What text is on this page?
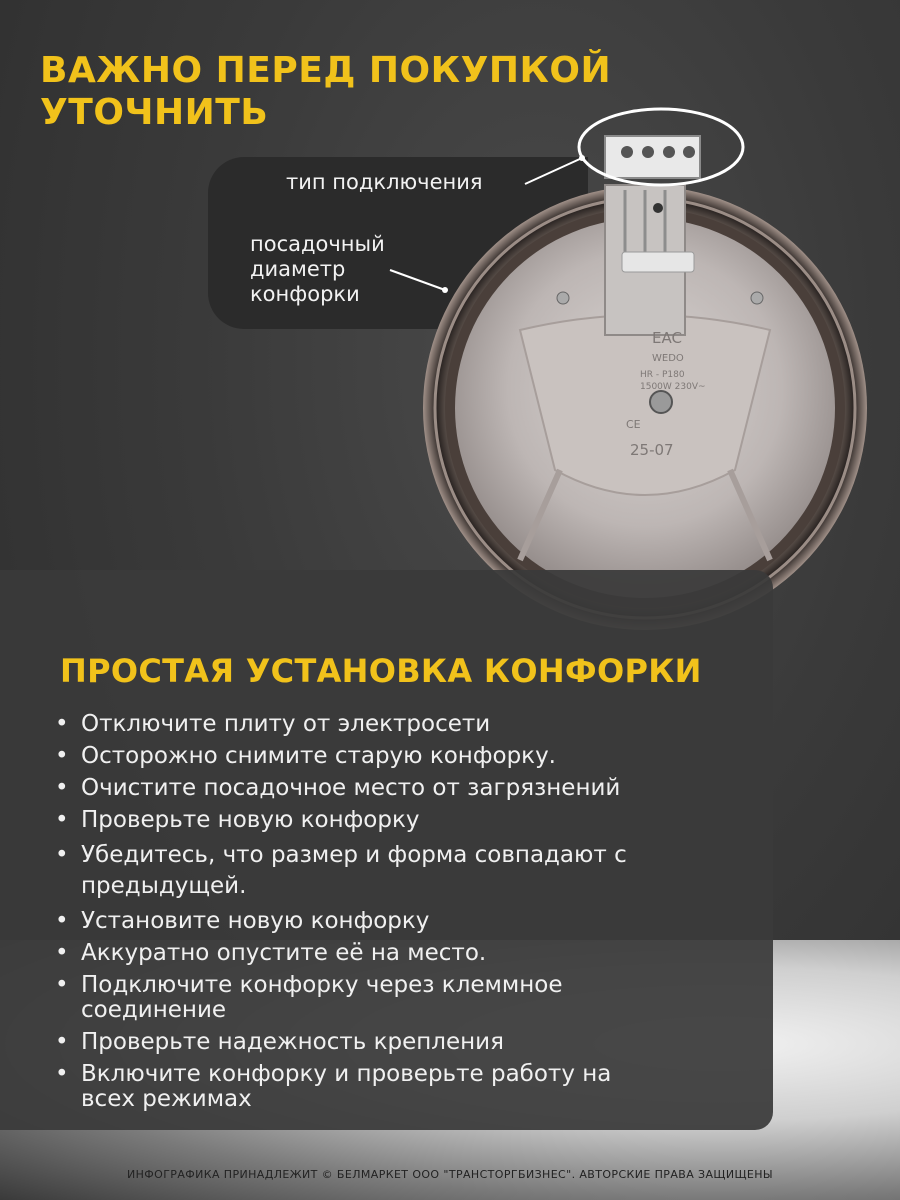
ВАЖНО ПЕРЕД ПОКУПКОЙ
УТОЧНИТЬ
EAC
WEDO
HR - P180
1500W 230V~
CE
25-07
тип подключения
посадочный
диаметр
конфорки
ПРОСТАЯ УСТАНОВКА КОНФОРКИ
• Отключите плиту от электросети
• Осторожно снимите старую конфорку.
• Очистите посадочное место от загрязнений
• Проверьте новую конфорку
• Убедитесь, что размер и форма совпадают с предыдущей.
• Установите новую конфорку
• Аккуратно опустите её на место.
• Подключите конфорку через клеммное соединение
• Проверьте надежность крепления
• Включите конфорку и проверьте работу на всех режимах
ИНФОГРАФИКА ПРИНАДЛЕЖИТ © БЕЛМАРКЕТ ООО "ТРАНСТОРГБИЗНЕС". АВТОРСКИЕ ПРАВА ЗАЩИЩЕНЫ
